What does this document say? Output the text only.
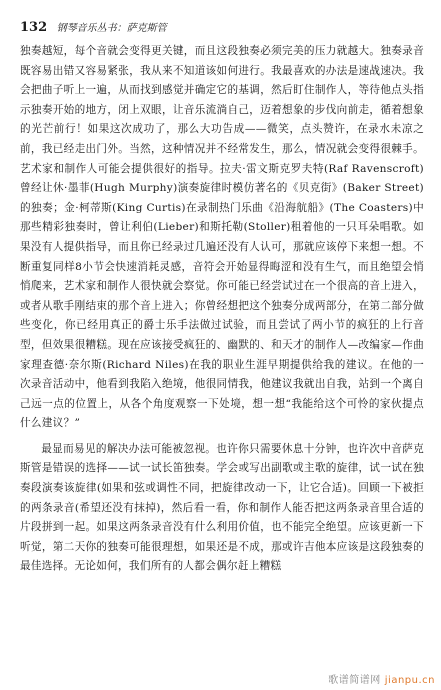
132 钢琴音乐丛书：萨克斯管

独奏越短，每个音就会变得更关键，而且这段独奏必须完美的压力就越大。独奏录音既容易出错又容易紧张，我从来不知道该如何进行。我最喜欢的办法是速战速决。我会把曲子听上一遍，从而找到感觉并确定它的基调，然后盯住制作人，等待他点头指示独奏开始的地方，闭上双眼，让音乐流淌自己，迈着想象的步伐向前走，循着想象的光芒前行！如果这次成功了，那么大功告成——微笑，点头赞许，在录水未凉之前，我已经走出门外。当然，这种情况并不经常发生，那么，情况就会变得很棘手。艺术家和制作人可能会提供很好的指导。拉夫·雷文斯克罗夫特(Raf Ravenscroft)曾经让休·墨菲(Hugh Murphy)演奏旋律时模仿著名的《贝克街》(Baker Street)的独奏；金·柯蒂斯(King Curtis)在录制热门乐曲《沿海航船》(The Coasters)中那些精彩独奏时，曾让利伯(Lieber)和斯托勒(Stoller)租着他的一只耳朵唱歌。如果没有人提供指导，而且你已经录过几遍还没有人认可，那就应该停下来想一想。不断重复同样8小节会快速消耗灵感，音符会开始显得晦涩和没有生气，而且绝望会悄悄爬来，艺术家和制作人很快就会察觉。你可能已经尝试过在一个很高的音上进入，或者从歌手刚结束的那个音上进入；你曾经想把这个独奏分成两部分，在第二部分做些变化，你已经用真正的爵士乐手法做过试验，而且尝试了两小节的疯狂的上行音型，但效果很糟糕。现在应该接受疯狂的、幽默的、和天才的制作人—改编家—作曲家理查德·奈尔斯(Richard Niles)在我的职业生涯早期提供给我的建议。在他的一次录音活动中，他看到我陷入绝境，他很同情我，他建议我就出自我，站到一个离自己远一点的位置上，从各个角度观察一下处境，想一想“我能给这个可怜的家伙提点什么建议？”

最显而易见的解决办法可能被忽视。也许你只需要休息十分钟，也许次中音萨克斯管是错误的选择——试一试长笛独奏。学会或写出副歌或主歌的旋律，试一试在独奏段演奏该旋律(如果和弦或调性不同，把旋律改动一下，让它合适)。回顾一下被拒的两条录音(希望还没有抹掉)，然后看一看，你和制作人能否把这两条录音里合适的片段拼到一起。如果这两条录音没有什么利用价值，也不能完全绝望。应该更新一下听觉，第二天你的独奏可能很理想，如果还是不成，那或许吉他本应该是这段独奏的最佳选择。无论如何，我们所有的人都会偶尔赶上糟糕

歌谱简谱网 jianpu.cn
